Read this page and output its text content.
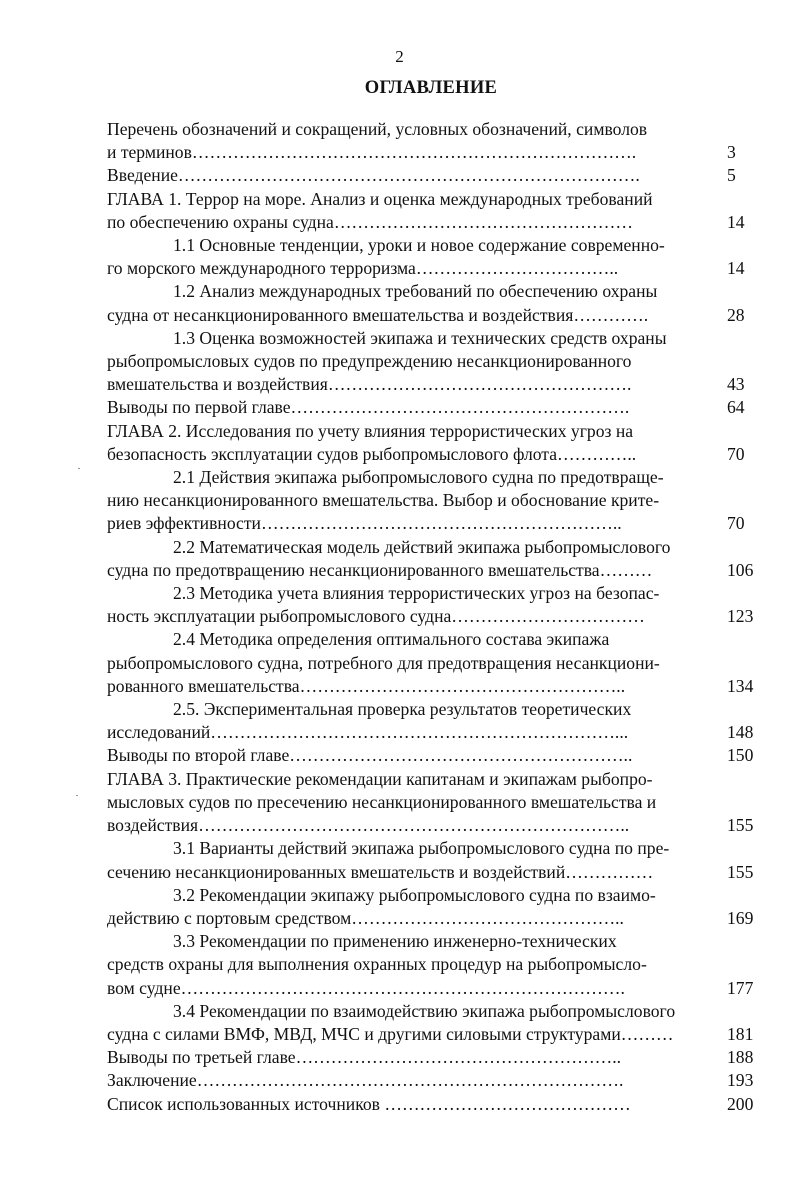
2
ОГЛАВЛЕНИЕ
Перечень обозначений и сокращений, условных обозначений, символов
и терминов………………………………………………………………….	3
Введение…………………………………………………………………….	5
ГЛАВА 1. Террор на море. Анализ и оценка международных требований
по обеспечению охраны судна……………………………………………	14
1.1 Основные тенденции, уроки и новое содержание современно-
го морского международного терроризма……………………………..	14
1.2 Анализ международных требований по обеспечению охраны
судна от несанкционированного вмешательства и воздействия………….	28
1.3 Оценка возможностей экипажа и технических средств охраны
рыбопромысловых судов по предупреждению несанкционированного
вмешательства и воздействия…………………………………………….	43
Выводы по первой главе………………………………………………….	64
ГЛАВА 2. Исследования по учету влияния террористических угроз на
безопасность эксплуатации судов рыбопромыслового флота…………..	70
2.1 Действия экипажа рыбопромыслового судна по предотвраще-
нию несанкционированного вмешательства. Выбор и обоснование крите-
риев эффективности……………………………………………………..	70
2.2 Математическая модель действий экипажа рыбопромыслового
судна по предотвращению несанкционированного вмешательства………	106
2.3 Методика учета влияния террористических угроз на безопас-
ность эксплуатации рыбопромыслового судна……………………………	123
2.4 Методика определения оптимального состава экипажа
рыбопромыслового судна, потребного для предотвращения несанкциони-
рованного вмешательства………………………………………………..	134
2.5. Экспериментальная проверка результатов теоретических
исследований……………………………………………………………...	148
Выводы по второй главе…………………………………………………..	150
ГЛАВА 3. Практические рекомендации капитанам и экипажам рыбопро-
мысловых судов по пресечению несанкционированного вмешательства и
воздействия………………………………………………………………..	155
3.1 Варианты действий экипажа рыбопромыслового судна по пре-
сечению несанкционированных вмешательств и воздействий……………	155
3.2 Рекомендации экипажу рыбопромыслового судна по взаимо-
действию с портовым средством………………………………………..	169
3.3 Рекомендации по применению инженерно-технических
средств охраны для выполнения охранных процедур на рыбопромысло-
вом судне………………………………………………………………….	177
3.4 Рекомендации по взаимодействию экипажа рыбопромыслового
судна с силами ВМФ, МВД, МЧС и другими силовыми структурами………	181
Выводы по третьей главе………………………………………………..	188
Заключение……………………………………………………………….	193
Список использованных источников ……………………………………	200
